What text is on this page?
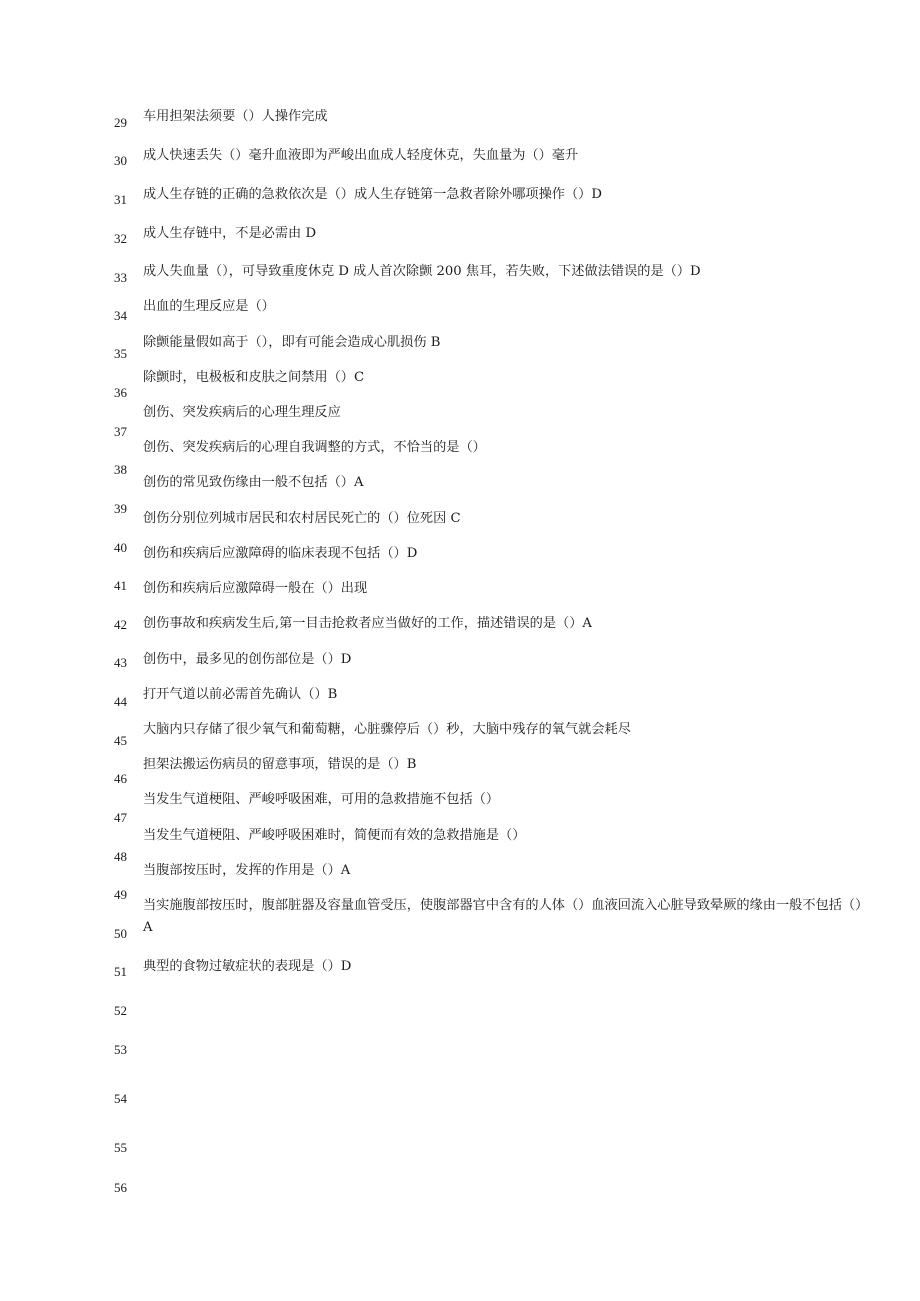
29
30
31
32
33
34
35
36
37
38
39
40
41
42
43
44
45
46
47
48
49
50
51
52
53
54
55
56
车用担架法须要（）人操作完成
成人快速丢失（）毫升血液即为严峻出血成人轻度休克，失血量为（）毫升
成人生存链的正确的急救依次是（）成人生存链第一急救者除外哪项操作（）D
成人生存链中，不是必需由 D
成人失血量（），可导致重度休克 D 成人首次除颤 200 焦耳，若失败，下述做法错误的是（）D
出血的生理反应是（）
除颤能量假如高于（），即有可能会造成心肌损伤 B
除颤时，电极板和皮肤之间禁用（）C
创伤、突发疾病后的心理生理反应
创伤、突发疾病后的心理自我调整的方式，不恰当的是（）
创伤的常见致伤缘由一般不包括（）A
创伤分别位列城市居民和农村居民死亡的（）位死因 C
创伤和疾病后应激障碍的临床表现不包括（）D
创伤和疾病后应激障碍一般在（）出现
创伤事故和疾病发生后,第一目击抢救者应当做好的工作，描述错误的是（）A
创伤中，最多见的创伤部位是（）D
打开气道以前必需首先确认（）B
大脑内只存储了很少氧气和葡萄糖，心脏骤停后（）秒，大脑中残存的氧气就会耗尽
担架法搬运伤病员的留意事项，错误的是（）B
当发生气道梗阻、严峻呼吸困难，可用的急救措施不包括（）
当发生气道梗阻、严峻呼吸困难时，简便而有效的急救措施是（）
当腹部按压时，发挥的作用是（）A
当实施腹部按压时，腹部脏器及容量血管受压，使腹部器官中含有的人体（）血液回流入心脏导致晕厥的缘由一般不包括（）A
典型的食物过敏症状的表现是（）D
